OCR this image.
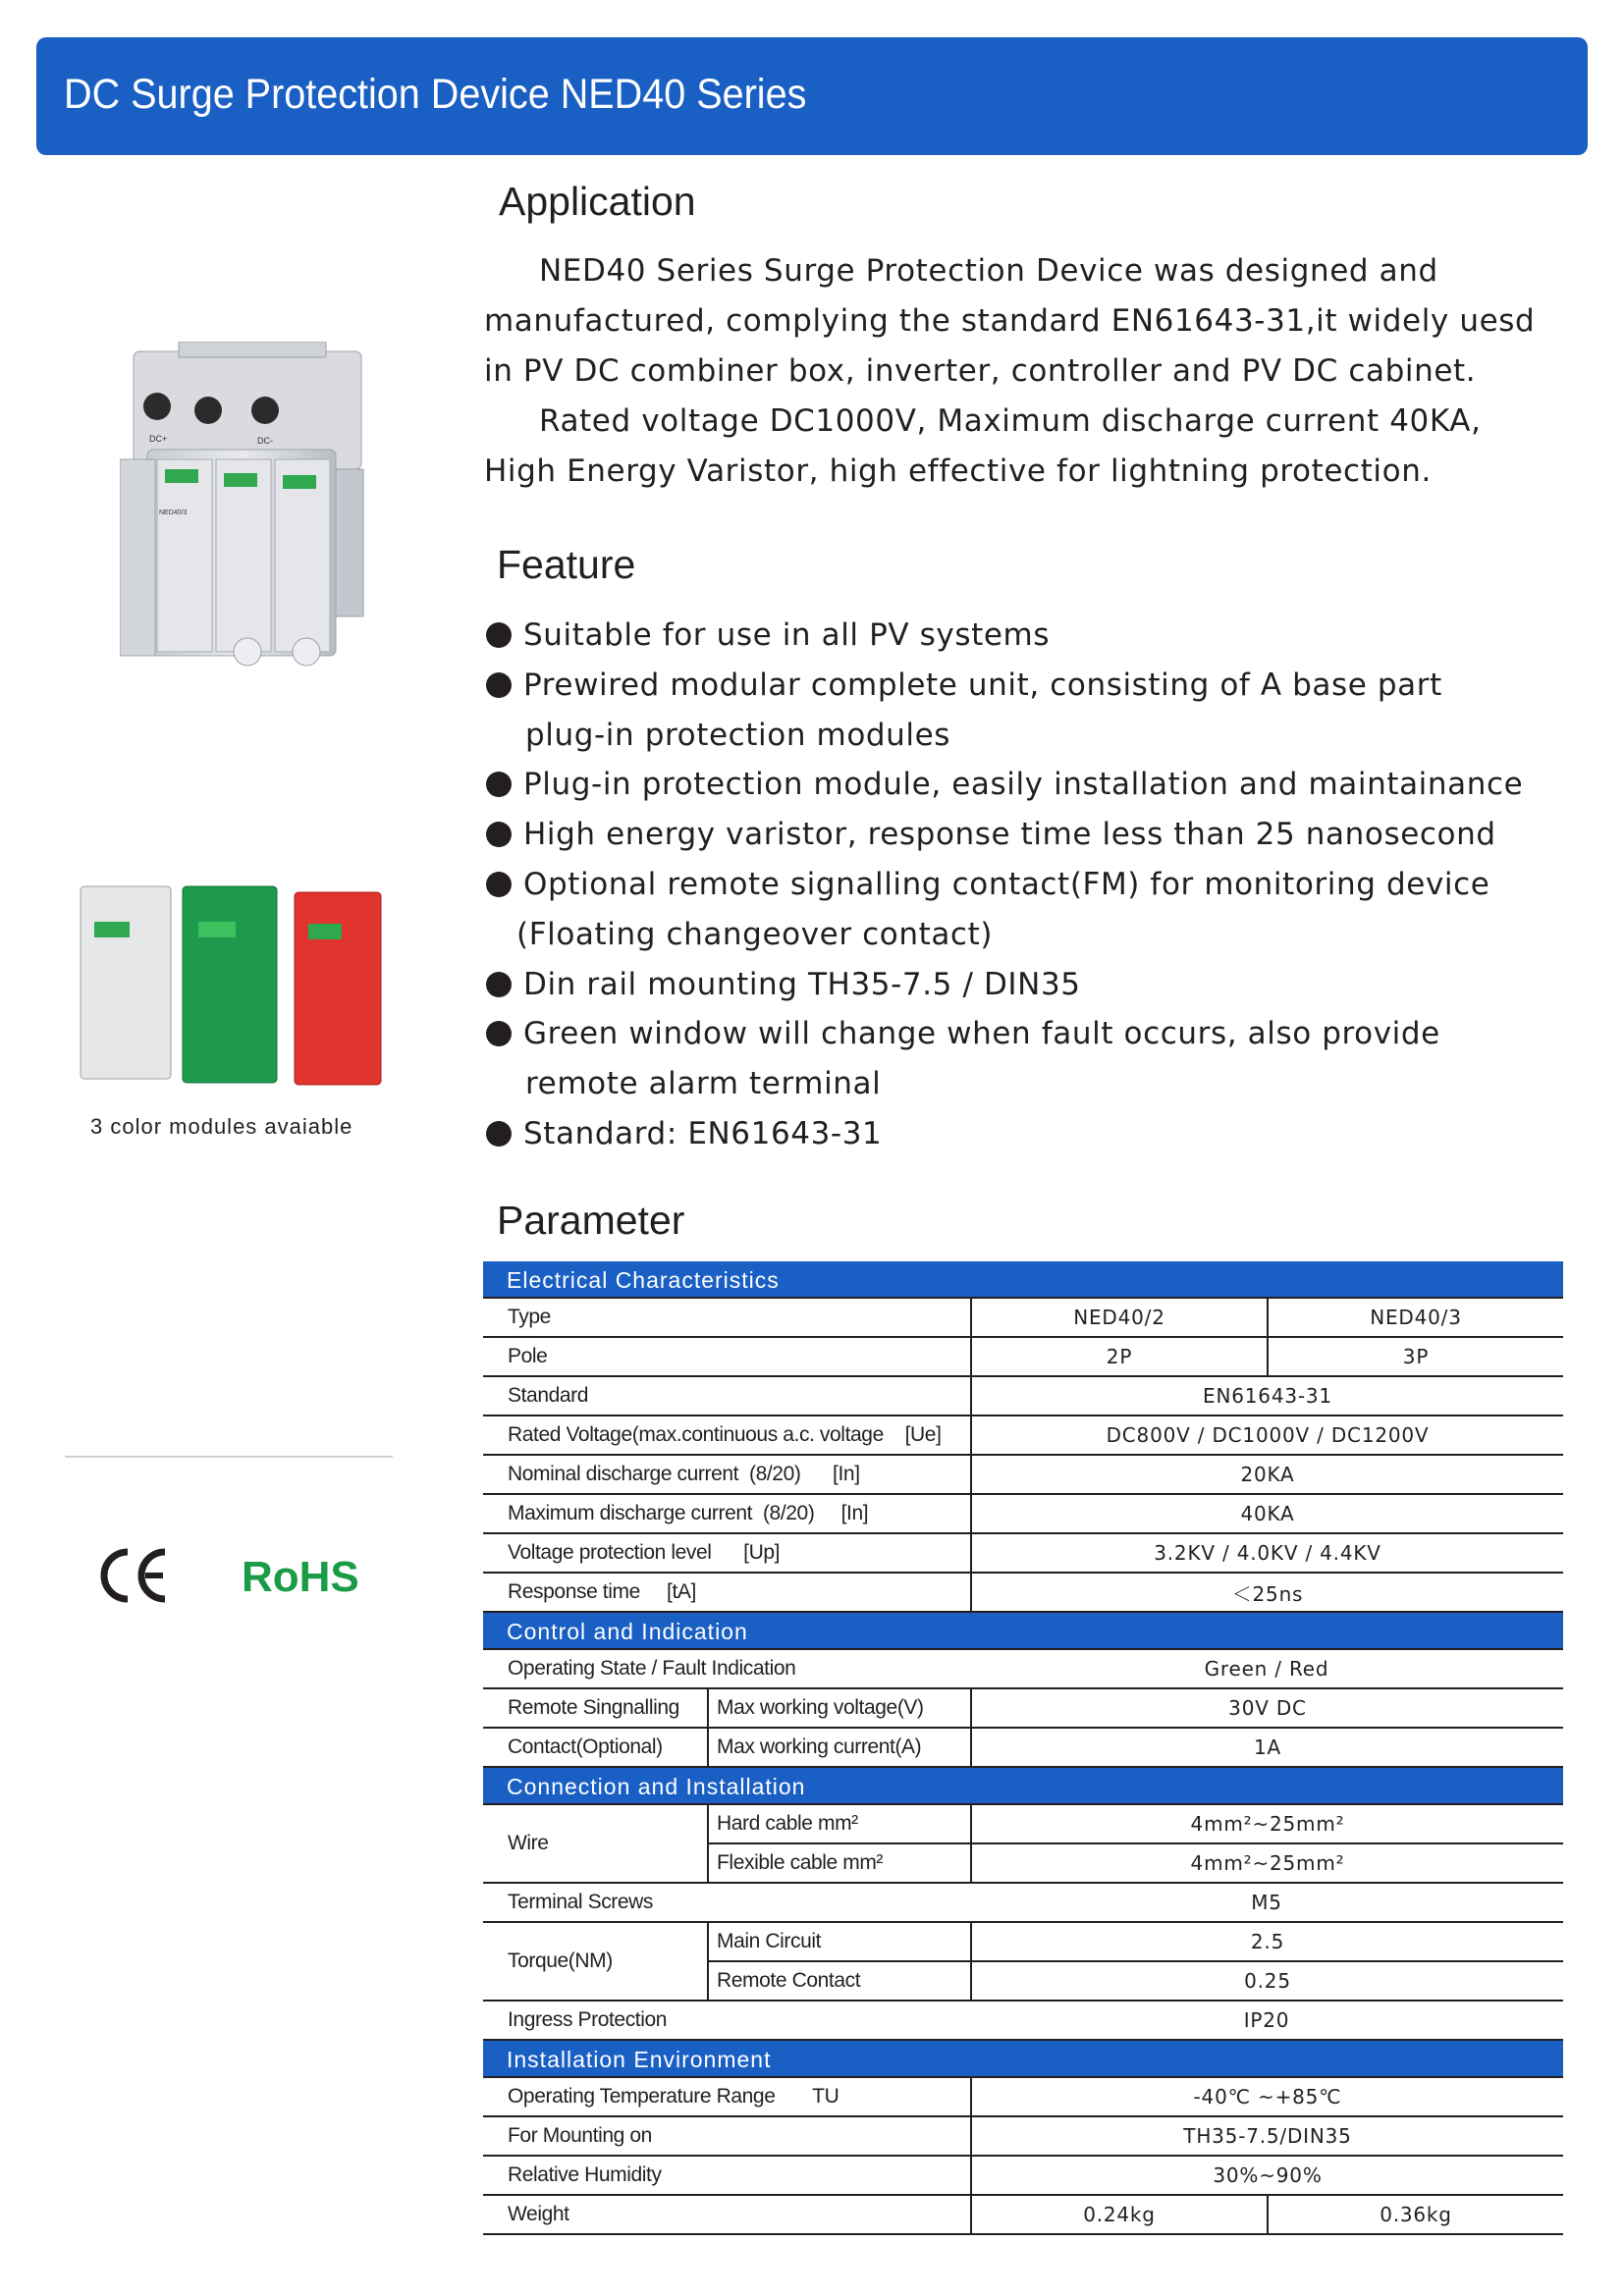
DC Surge Protection Device NED40 Series
DC+	DC-
NED40/3
3 color modules avaiable
RoHS
Application

NED40 Series Surge Protection Device was designed and

manufactured, complying the standard EN61643-31,it widely uesd

in PV DC combiner box, inverter, controller and PV DC cabinet.

Rated voltage DC1000V, Maximum discharge current 40KA,

High Energy Varistor, high effective for lightning protection.

Feature
Suitable for use in all PV systems
Prewired modular complete unit, consisting of A base part
plug-in protection modules
Plug-in protection module, easily installation and maintainance
High energy varistor, response time less than 25 nanosecond
Optional remote signalling contact(FM) for monitoring device
(Floating changeover contact)
Din rail mounting TH35-7.5 / DIN35
Green window will change when fault occurs, also provide
remote alarm terminal
Standard: EN61643-31
Parameter
Electrical Characteristics
Type	NED40/2	NED40/3
Pole	2P	3P
Standard	EN61643-31
Rated Voltage(max.continuous a.c. voltage    [Ue]	DC800V / DC1000V / DC1200V
Nominal discharge current  (8/20)      [In]	20KA
Maximum discharge current  (8/20)     [In]	40KA
Voltage protection level      [Up]	3.2KV / 4.0KV / 4.4KV
Response time     [tA]	＜25ns
Control and Indication
Operating State / Fault Indication	Green / Red
Remote Singnalling	Max working voltage(V)	30V DC
Contact(Optional)	Max working current(A)	1A
Connection and Installation
Wire
Hard cable mm²	4mm²~25mm²
Flexible cable mm²	4mm²~25mm²
Terminal Screws	M5
Torque(NM)
Main Circuit	2.5
Remote Contact	0.25
Ingress Protection	IP20
Installation Environment
Operating Temperature Range       TU	-40℃ ~+85℃
For Mounting on	TH35-7.5/DIN35
Relative Humidity	30%~90%
Weight	0.24kg	0.36kg
